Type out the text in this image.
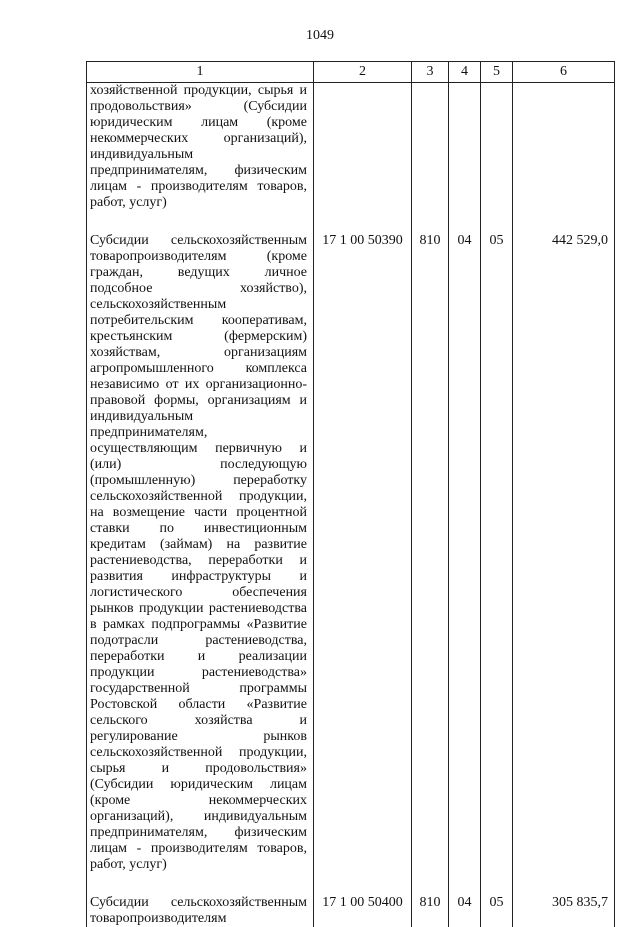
1049
1	2	3	4	5	6
хозяйственной продукции, сырья и продовольствия» (Субсидии юридическим лицам (кроме некоммерческих организаций), индивидуальным предпринимателям, физическим лицам - производителям товаров, работ, услуг)					

Субсидии сельскохозяйственным товаропроизводителям (кроме граждан, ведущих личное подсобное хозяйство), сельскохозяйственным потребительским кооперативам, крестьянским (фермерским) хозяйствам, организациям агропромышленного комплекса независимо от их организационно-правовой формы, организациям и индивидуальным предпринимателям, осуществляющим первичную и (или) последующую (промышленную) переработку сельскохозяйственной продукции, на возмещение части процентной ставки по инвестиционным кредитам (займам) на развитие растениеводства, переработки и развития инфраструктуры и логистического обеспечения рынков продукции растениеводства в рамках подпрограммы «Развитие подотрасли растениеводства, переработки и реализации продукции растениеводства» государственной программы Ростовской области «Развитие сельского хозяйства и регулирование рынков сельскохозяйственной продукции, сырья и продовольствия» (Субсидии юридическим лицам (кроме некоммерческих организаций), индивидуальным предпринимателям, физическим лицам - производителям товаров, работ, услуг)	17 1 00 50390	810	04	05	442 529,0

Субсидии сельскохозяйственным товаропроизводителям	17 1 00 50400	810	04	05	305 835,7
